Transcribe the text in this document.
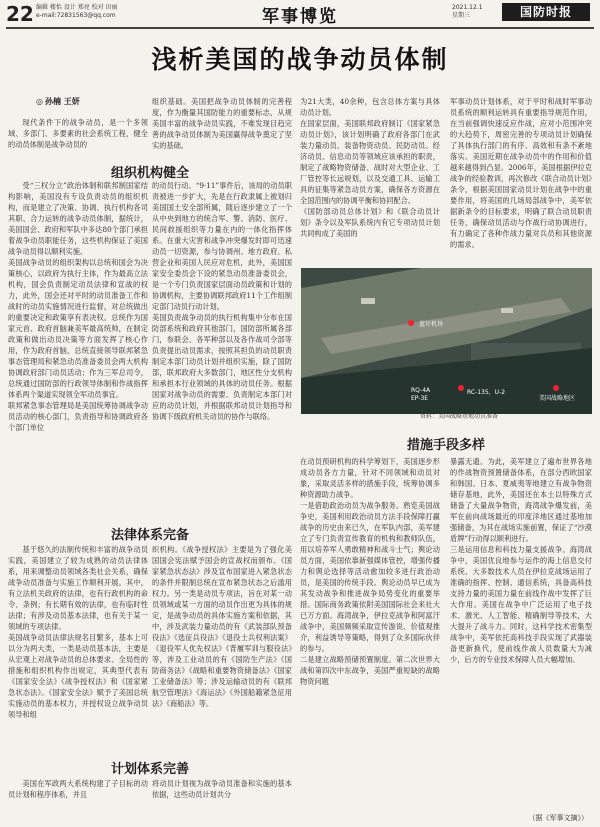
22 编辑 楼怡 设计 郑亮 校对 田丽
e-mail:72831563@qq.com	军事博览	2021.12.1
星期三	国防时报
浅析美国的战争动员体制
◎ 孙楠 王妍

现代条件下的战争动员，是一个多领域、多部门、多要素的社会系统工程，健全的动员体制是战争动员的

组织机构健全
受“三权分立”政治体制和联邦制国家结构影响，美国没有专设负责动员的组织机构，而是建立了决策、协调、执行机构各司其职、合力运转的战争动员体制，据统计，美国国会、政府和军队中多达80个部门承担着战争动员职能任务，这些机构保证了美国战争动员得以顺利实施。
美国战争动员的组织架构以总统和国会为决策核心，以政府为执行主体，作为最高立法机构，国会负责制定动员法律和宣战的权力，此外，国会还对平时的动员准备工作和战时的动员实施情况进行监督，对总统做出的重要决定和政策享有表决权。总统作为国家元首、政府首脑兼美军最高统帅，在制定政策和做出动员决策等方面发挥了核心作用，作为政府首脑，总统直接领导联邦紧急事态管理局和紧急动员准备委员会两大机构协调政府部门动员活动；作为三军总司令，总统通过国防部的行政领导体制和作战指挥体系两个渠道实现领全军动员事宜。
联邦紧急事态管理局是美国统筹协调战争动员活动的核心部门，负责指导和协调政府各个部门单位
法律体系完备
基于悠久的法制传统和丰富的战争动员实践，美国建立了较为成熟的动员法律体系，用来调整动员领域各类社会关系，确保战争动员准备与实施工作顺利开展。其中，有立法机关政府的法律，也有行政机构的命令、条例；有长期有效的法律，也有临时性法律；有涉及动员基本法律，也有关于某一领域的专项法律。
美国战争动员法律法规名目繁多，基本上可以分为两大类，一类是动员基本法，主要是从宏观上对战争动员的总体要求、全局性的措施和组织机构作出规定，其典型代表有《国家安全法》《战争授权法》和《国家紧急状态法》。《国家安全法》赋予了美国总统实施动员的基本权力，并授权设立战争动员领导和组
计划体系完善
美国在军政两大系统构建了子目标的动员计划和程序体系，并且
组织基础。美国把战争动员体制的完善程度，作为衡量其国防能力的重要标志，从规美国丰富的战争动员实践，不难发现目趋完善的战争动员体制为美国赢得战争奠定了坚实的基础。
的动员行动。“9·11”事件后，该局的动员职责被进一步扩大，先是在行政隶属上被划归美国国土安全部所属，随后逐步建立了一个从中央到地方的统合军、警、消防、医疗、民间救援组织等力量在内的一体化指挥体系。在重大灾害和战争冲突爆发时即可迅速动员一切资源，参与协调州、地方政府、私营企业和美国人民应对危机，此外，美国国家安全委员会下设的紧急动员准备委员会，是一个专门负责国家层面动员政策和计划的协调机构，主要协调联邦政府11个工作组制定部门动员行动计划。
美国负责战争动员的执行机构集中分布在国防部系统和政府其他部门，国防部所属各部门，参联会、各军种部以及各作战司令部等负责提出动员需求，按照其担负的动员职责制定本部门动员计划并组织实施，除了国防部，联邦政府大多数部门，地区性分支机构和承担本行业领域的具体的动员任务。根据国家对战争动员的需要、负责制定本部门对应的动员计划，并根据联邦动员计划指导和协调下级政府机关动员的协作与联络。
织机构。《战争授权法》主要是为了强化美国国会宪法赋予国会的宣战权而颁布。《国家紧急状态法》涉及宣布国家进入紧急状态的条件并限制总统在宣布紧急状态之后滥用权力。另一类是动员专项法，旨在对某一动员领域或某一方面的动员作出更为具体的规定，是战争动员的具体实施方案和依据，其中，涉及武装力量动员的有《武装部队预备役法》《选征兵役法》《退役士兵权利法案》《退役军人优先权法》《背履军训与服役法》等，涉及工业动员的有《国防生产法》《国防商务法》《战略和重要物资储备法》《国家工业储备法》等；涉及运输动员的有《联邦航空管理法》《海运法》《外国船籍紧急征用法》《商船法》等。
将动员计划视为战争动员准备和实施的基本依据，这些动员计划共分
为21大类，40余种，包含总体方案与具体动员计划。
在国家层面，美国联邦政府制订《国家紧急动员计划》，该计划明确了政府各部门在武装力量动员、装备物资动员、民防动员、经济动员、信息动员等领域应该承担的职责，制定了战略物资储备、战时对大型企业、工厂管控等长远规划，以及交通工具、运输工具的征集等紧急动员方案，确保各方资源在全国范围内的协调平衡和协同配合。
《国防部动员总体计划》和《联合动员计划》条令以及军队系统内有它专项动员计划共同构成了美国的
军事动员计划体系，对于平时和战时军事动员系统的顺利运转具有重要指导规范作用，在当前强调快速反应作战，应对小范围冲突的大趋势下，周密完善的专项动员计划确保了具体执行部门的有序、高效和有条不紊地落实。美国近期在战争动员中的作用和价值越来越得到凸显。2006年，美国根据伊拉克战争的经验教训，再次修改《联合动员计划》条令，根据美国国家动员计划在战争中的重要作用，将美国的几场局部战争中，美军依据新条令的目标要求，明确了联合动员职责任务，确保动员活动与作战行动协调进行，有力确定了各种作战力量对兵员和其他资源的需求。
蓝圩机场
RQ-4A
EP-3E
RC-135，U-2
美国战略地区
资料：美国战略基地动员准备
措施手段多样
在动员预研机构的科学筹划下，美国逐步形成动员各方力量，针对不同领域和动员对象，采取灵活多样的措施手段，统筹协调多种资源助力战争。
一是借助政治动员为战争服务。熟览美国战争史，美国利用政治动员方法手段保障打赢战争的历史由来已久，在军队内部，美军建立了专门负责宣传教育的机构和教师队伍，用以培养军人勇敢精神和战斗士气；舆论动员方面，美国依靠新强媒体管控，增强传播力和舆论选择等活动愈加较多进行政治动员，是美国的传统手段。舆论动员早已成为其发动战争和推进战争局势变化的重要举措。国际商务政策依附美国国际社会来社大已万方面。海湾战争，伊拉克战争和阿富汗战争中，美国频频采取宣传游说、价值观推介，利益诱导等策略，得到了众多国际伙伴的参与。
二是建立战略预储预置制度。第二次世界大战和第四次中东战争，美国严重短缺的战略物资问题
暴露无遗。为此，美军建立了遍布世界各地的作战物资预置储备体系，在部分西欧国家和韩国、日本、夏威夷等地建立有战争物资储存基地，此外，美国还在本土以特殊方式储备了大量战争物资，海湾战争爆发前，美军在前向战场最近的印度洋地区通过基地加强储备，为其在战场实施前置，保证了“沙漠盾牌”行动得以顺利进行。
三是运用信息和科技力量支援战争。海湾战争中，美国优良地参与运作的海上信息交付系统、大多数技术人员在伊拉克战场运用了准确的指挥、控制、通信系统，具备高科技支持力量的美国力量在前线作战中发挥了巨大作用。美国在战争中广泛运用了电子技术、激光、人工智能、精确制导等技术，大大提升了战斗力。同时，这科学技术密集型战争中，美军依托高科技手段实现了武器装备更新换代，使前线作战人员数量大为减少，后方的专业技术保障人员大幅增加。
（据《军事文摘》）
